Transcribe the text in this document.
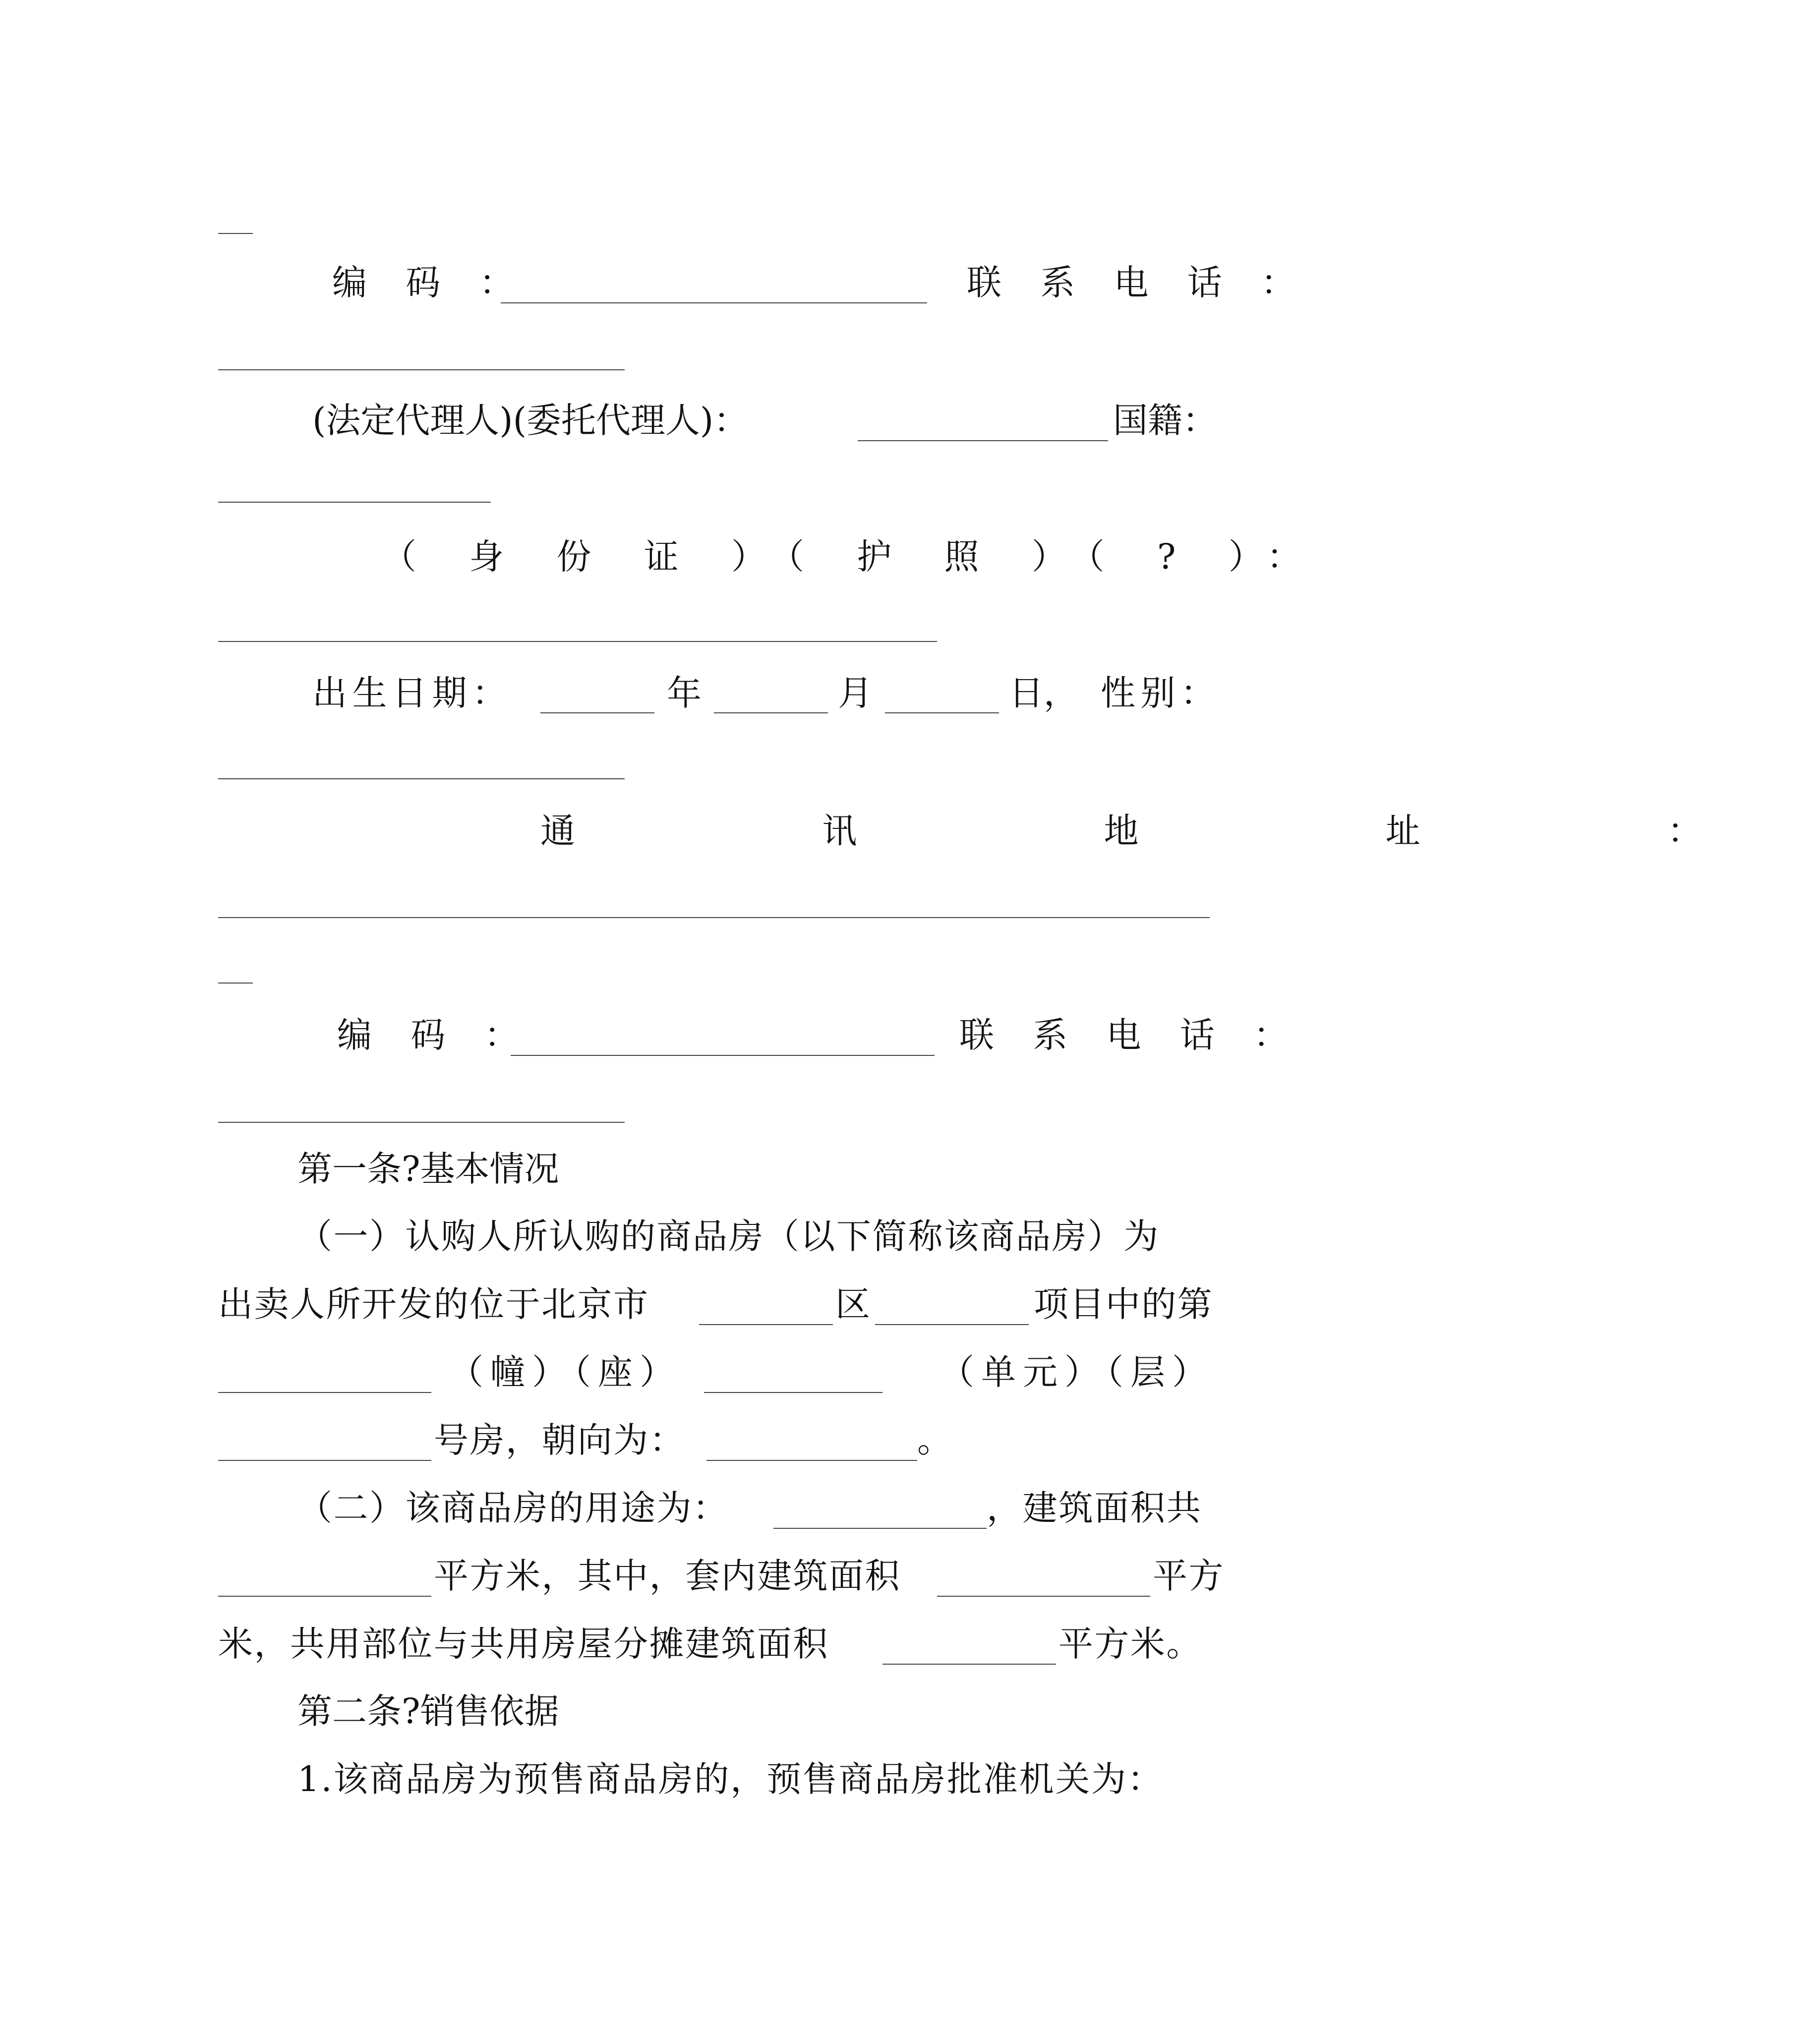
编 码 ：	联 系 电 话 ：
(法定代理人)(委托代理人)：	国籍：
（ 身 份 证 ）（ 护 照 ）（ ? ）：
出生日期：	年	月	日， 性别：
通 讯 地 址 ：
编 码 ：	联 系 电 话 ：
第一条?基本情况
（一）认购人所认购的商品房（以下简称该商品房）为
出卖人所开发的位于北京市	区	项目中的第
（幢）（座）	（单元）（层）
号房，朝向为：	。
（二）该商品房的用途为：	，建筑面积共
平方米，其中，套内建筑面积	平方
米，共用部位与共用房屋分摊建筑面积	平方米。
第二条?销售依据
1.该商品房为预售商品房的，预售商品房批准机关为：
